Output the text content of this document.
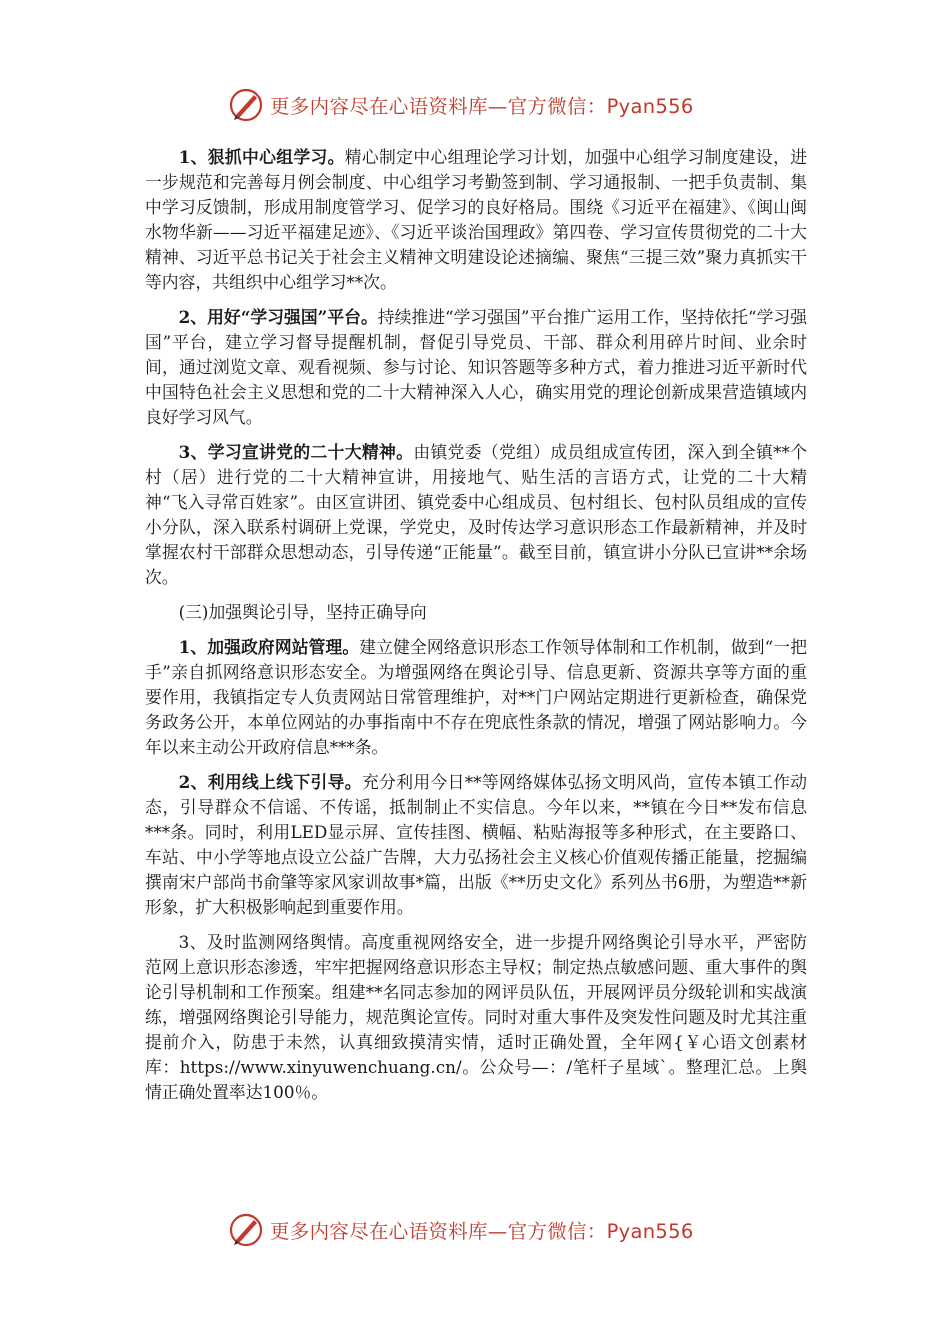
更多内容尽在心语资料库—官方微信：Pyan556

1、狠抓中心组学习。精心制定中心组理论学习计划，加强中心组学习制度建设，进一步规范和完善每月例会制度、中心组学习考勤签到制、学习通报制、一把手负责制、集中学习反馈制，形成用制度管学习、促学习的良好格局。围绕《习近平在福建》、《闽山闽水物华新——习近平福建足迹》、《习近平谈治国理政》第四卷、学习宣传贯彻党的二十大精神、习近平总书记关于社会主义精神文明建设论述摘编、聚焦“三提三效”聚力真抓实干等内容，共组织中心组学习**次。

2、用好“学习强国”平台。持续推进“学习强国”平台推广运用工作，坚持依托“学习强国”平台，建立学习督导提醒机制，督促引导党员、干部、群众利用碎片时间、业余时间，通过浏览文章、观看视频、参与讨论、知识答题等多种方式，着力推进习近平新时代中国特色社会主义思想和党的二十大精神深入人心，确实用党的理论创新成果营造镇域内良好学习风气。

3、学习宣讲党的二十大精神。由镇党委（党组）成员组成宣传团，深入到全镇**个村（居）进行党的二十大精神宣讲，用接地气、贴生活的言语方式，让党的二十大精神“飞入寻常百姓家”。由区宣讲团、镇党委中心组成员、包村组长、包村队员组成的宣传小分队，深入联系村调研上党课，学党史，及时传达学习意识形态工作最新精神，并及时掌握农村干部群众思想动态，引导传递“正能量”。截至目前，镇宣讲小分队已宣讲**余场次。

(三)加强舆论引导，坚持正确导向

1、加强政府网站管理。建立健全网络意识形态工作领导体制和工作机制，做到“一把手”亲自抓网络意识形态安全。为增强网络在舆论引导、信息更新、资源共享等方面的重要作用，我镇指定专人负责网站日常管理维护，对**门户网站定期进行更新检查，确保党务政务公开，本单位网站的办事指南中不存在兜底性条款的情况，增强了网站影响力。今年以来主动公开政府信息***条。

2、利用线上线下引导。充分利用今日**等网络媒体弘扬文明风尚，宣传本镇工作动态，引导群众不信谣、不传谣，抵制制止不实信息。今年以来，**镇在今日**发布信息***条。同时，利用LED显示屏、宣传挂图、横幅、粘贴海报等多种形式，在主要路口、车站、中小学等地点设立公益广告牌，大力弘扬社会主义核心价值观传播正能量，挖掘编撰南宋户部尚书俞肇等家风家训故事*篇，出版《**历史文化》系列丛书6册，为塑造**新形象，扩大积极影响起到重要作用。

3、及时监测网络舆情。高度重视网络安全，进一步提升网络舆论引导水平，严密防范网上意识形态渗透，牢牢把握网络意识形态主导权；制定热点敏感问题、重大事件的舆论引导机制和工作预案。组建**名同志参加的网评员队伍，开展网评员分级轮训和实战演练，增强网络舆论引导能力，规范舆论宣传。同时对重大事件及突发性问题及时尤其注重提前介入，防患于未然，认真细致摸清实情，适时正确处置，全年网{￥心语文创素材库：https://www.xinyuwenchuang.cn/。公众号—：/笔杆子星域`。整理汇总。上舆情正确处置率达100％。

更多内容尽在心语资料库—官方微信：Pyan556
